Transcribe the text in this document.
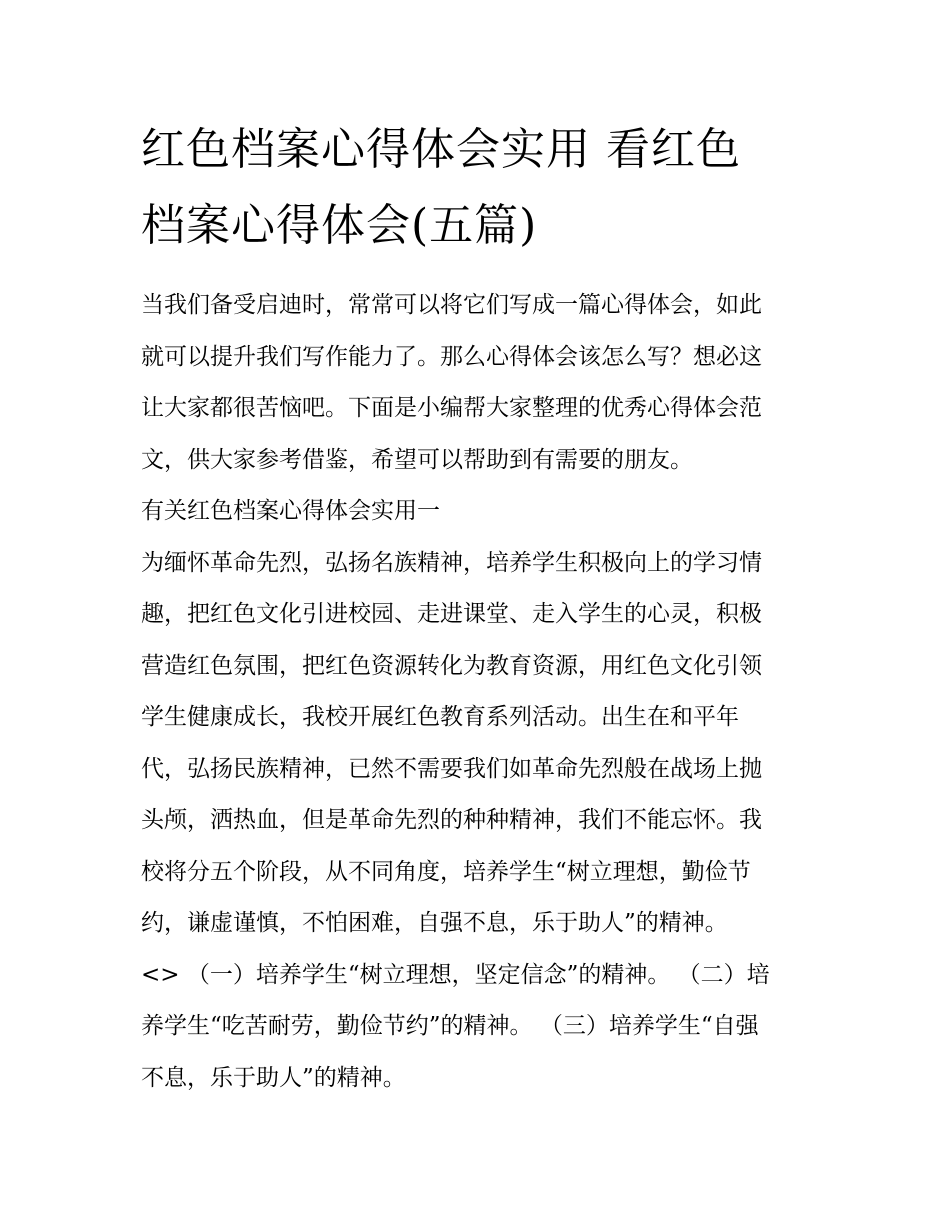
红色档案心得体会实用 看红色
档案心得体会(五篇)

当我们备受启迪时，常常可以将它们写成一篇心得体会，如此
就可以提升我们写作能力了。那么心得体会该怎么写？想必这
让大家都很苦恼吧。下面是小编帮大家整理的优秀心得体会范
文，供大家参考借鉴，希望可以帮助到有需要的朋友。

有关红色档案心得体会实用一

为缅怀革命先烈，弘扬名族精神，培养学生积极向上的学习情
趣，把红色文化引进校园、走进课堂、走入学生的心灵，积极
营造红色氛围，把红色资源转化为教育资源，用红色文化引领
学生健康成长，我校开展红色教育系列活动。出生在和平年
代，弘扬民族精神，已然不需要我们如革命先烈般在战场上抛
头颅，洒热血，但是革命先烈的种种精神，我们不能忘怀。我
校将分五个阶段，从不同角度，培养学生“树立理想，勤俭节
约，谦虚谨慎，不怕困难，自强不息，乐于助人”的精神。
<> （一）培养学生“树立理想，坚定信念”的精神。 （二）培
养学生“吃苦耐劳，勤俭节约”的精神。 （三）培养学生“自强
不息，乐于助人”的精神。
